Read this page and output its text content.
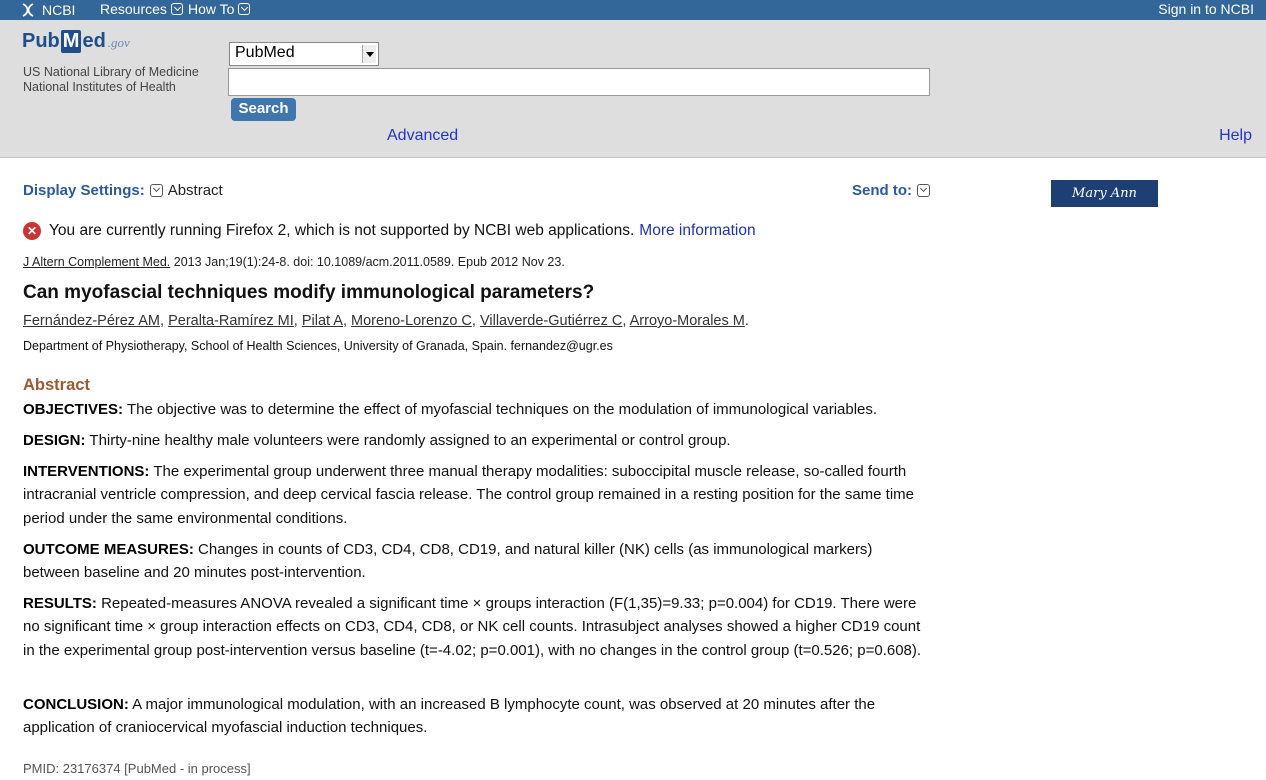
NCBI Resources How To	Sign in to NCBI
Pub M ed .gov
US National Library of Medicine
National Institutes of Health
PubMed
Search
Advanced	Help
Display Settings: Abstract	Send to:	Mary Ann Liebert,
✕ You are currently running Firefox 2, which is not supported by NCBI web applications. More information
J Altern Complement Med. 2013 Jan;19(1):24-8. doi: 10.1089/acm.2011.0589. Epub 2012 Nov 23.
Can myofascial techniques modify immunological parameters?
Fernández-Pérez AM, Peralta-Ramírez MI, Pilat A, Moreno-Lorenzo C, Villaverde-Gutiérrez C, Arroyo-Morales M.
Department of Physiotherapy, School of Health Sciences, University of Granada, Spain. fernandez@ugr.es
Abstract
OBJECTIVES: The objective was to determine the effect of myofascial techniques on the modulation of immunological variables.
DESIGN: Thirty-nine healthy male volunteers were randomly assigned to an experimental or control group.
INTERVENTIONS: The experimental group underwent three manual therapy modalities: suboccipital muscle release, so-called fourth intracranial ventricle compression, and deep cervical fascia release. The control group remained in a resting position for the same time period under the same environmental conditions.
OUTCOME MEASURES: Changes in counts of CD3, CD4, CD8, CD19, and natural killer (NK) cells (as immunological markers) between baseline and 20 minutes post-intervention.
RESULTS: Repeated-measures ANOVA revealed a significant time × groups interaction (F(1,35)=9.33; p=0.004) for CD19. There were no significant time × group interaction effects on CD3, CD4, CD8, or NK cell counts. Intrasubject analyses showed a higher CD19 count in the experimental group post-intervention versus baseline (t=-4.02; p=0.001), with no changes in the control group (t=0.526; p=0.608).
CONCLUSION: A major immunological modulation, with an increased B lymphocyte count, was observed at 20 minutes after the application of craniocervical myofascial induction techniques.
PMID: 23176374 [PubMed - in process]
